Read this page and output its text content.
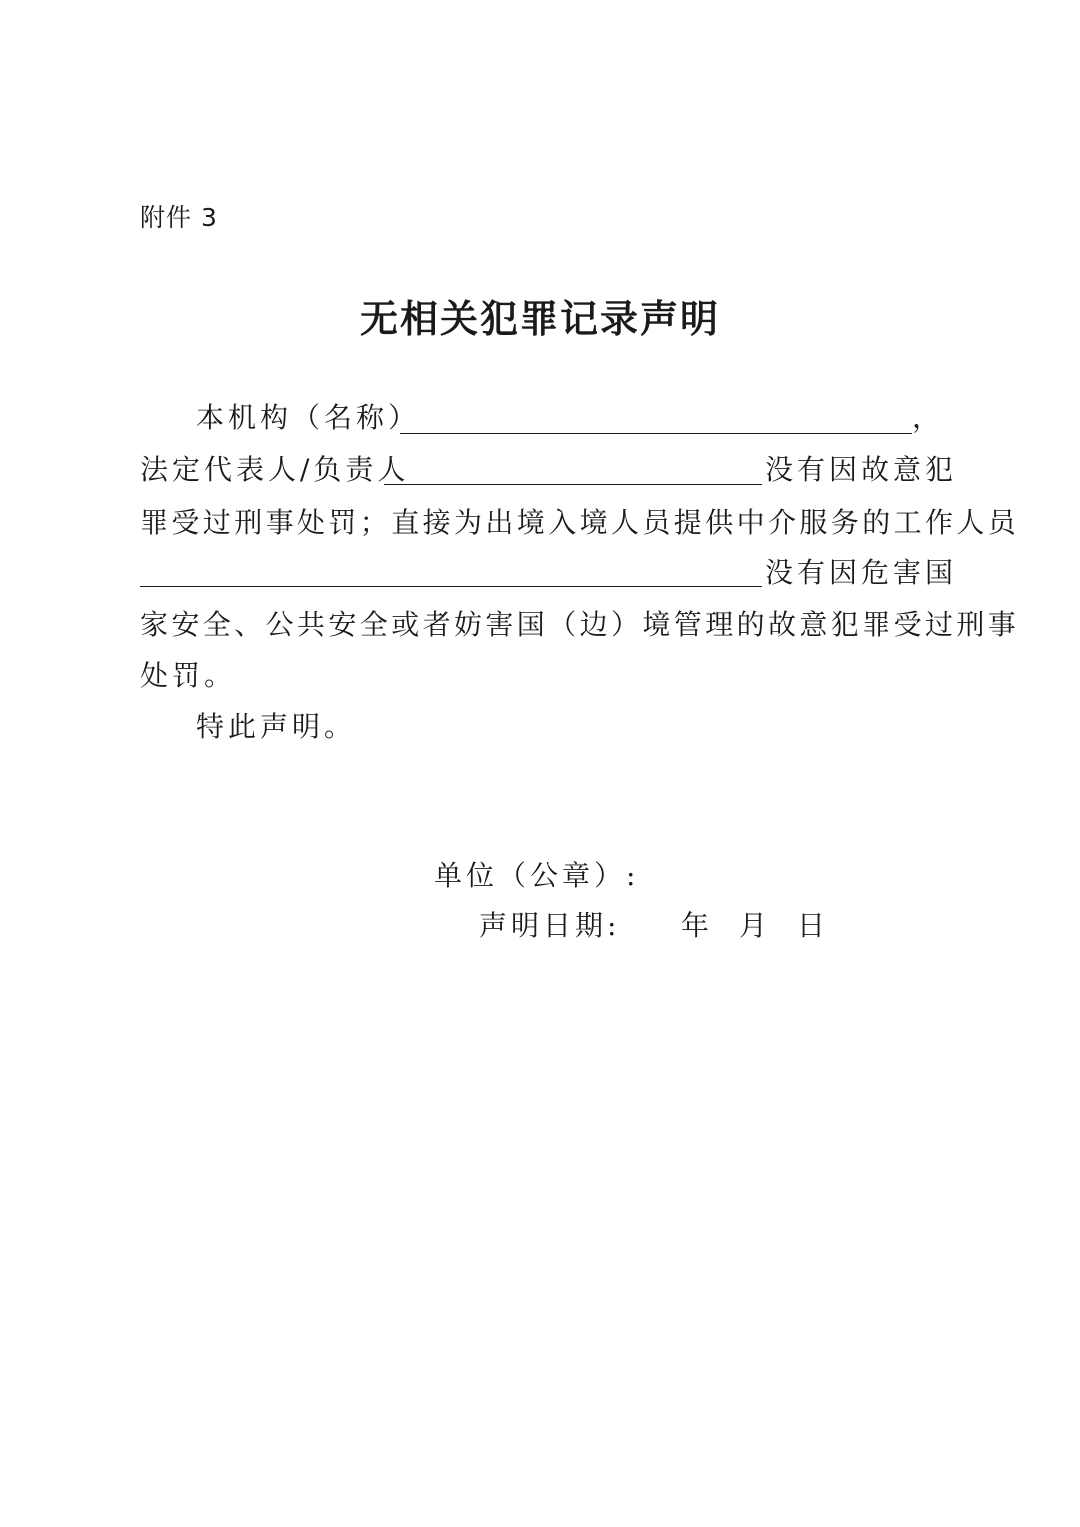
附件 3
无相关犯罪记录声明
本机构（名称）	，
法定代表人/负责人	没有因故意犯
罪受过刑事处罚；直接为出境入境人员提供中介服务的工作人员
没有因危害国
家安全、公共安全或者妨害国（边）境管理的故意犯罪受过刑事
处罚。
特此声明。
单位（公章）:
声明日期: 年 月 日
